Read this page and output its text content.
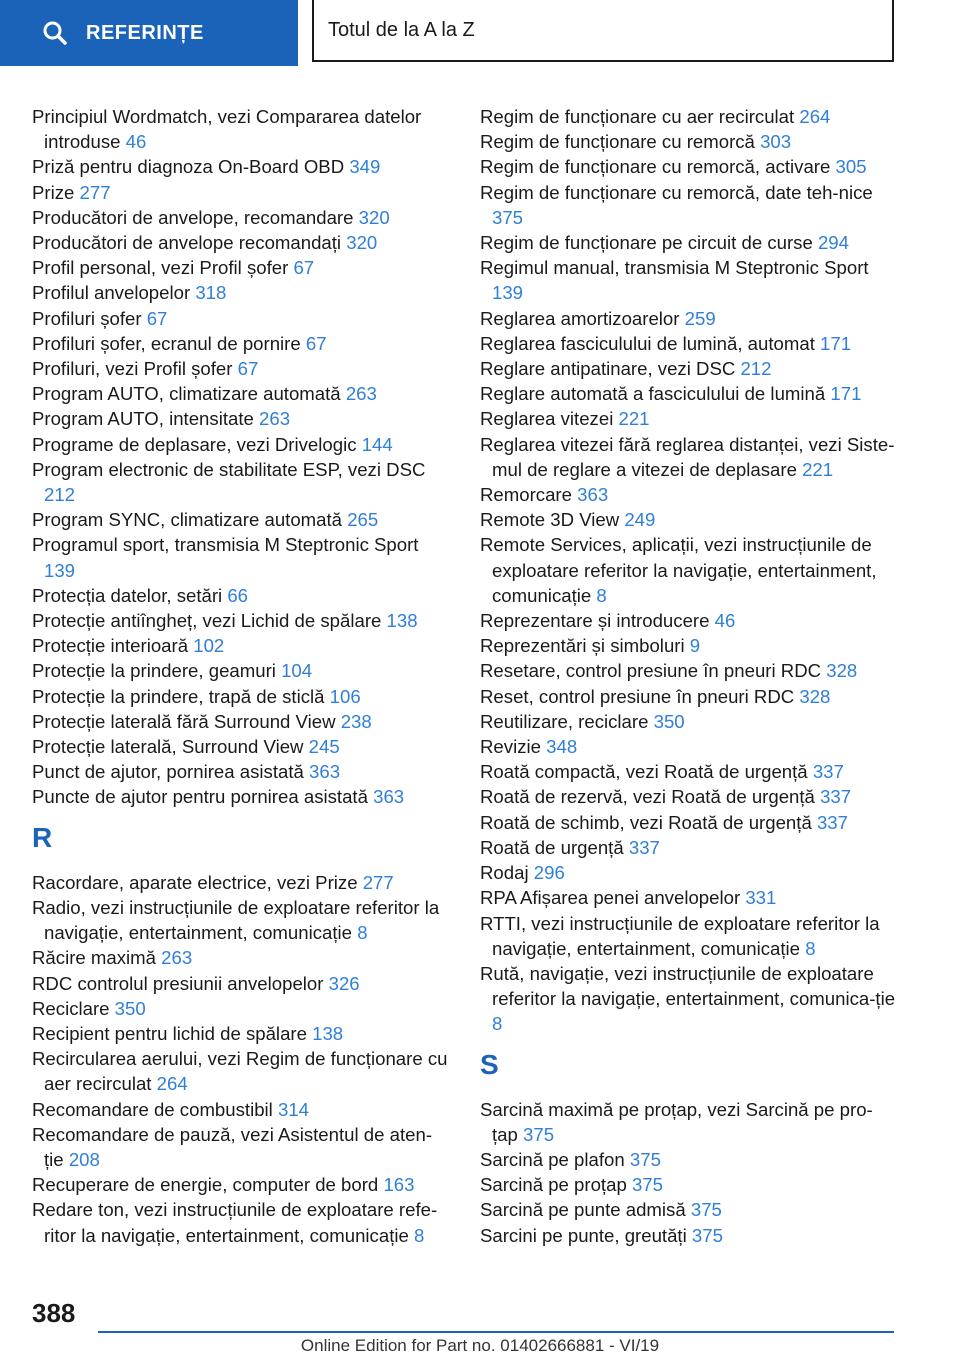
REFERINȚE	Totul de la A la Z

Principiul Wordmatch, vezi Compararea datelor introduse 46

Priză pentru diagnoza On-Board OBD 349

Prize 277

Producători de anvelope, recomandare 320

Producători de anvelope recomandați 320

Profil personal, vezi Profil șofer 67

Profilul anvelopelor 318

Profiluri șofer 67

Profiluri șofer, ecranul de pornire 67

Profiluri, vezi Profil șofer 67

Program AUTO, climatizare automată 263

Program AUTO, intensitate 263

Programe de deplasare, vezi Drivelogic 144

Program electronic de stabilitate ESP, vezi DSC 212

Program SYNC, climatizare automată 265

Programul sport, transmisia M Steptronic Sport 139

Protecția datelor, setări 66

Protecție antiîngheț, vezi Lichid de spălare 138

Protecție interioară 102

Protecție la prindere, geamuri 104

Protecție la prindere, trapă de sticlă 106

Protecție laterală fără Surround View 238

Protecție laterală, Surround View 245

Punct de ajutor, pornirea asistată 363

Puncte de ajutor pentru pornirea asistată 363

R

Racordare, aparate electrice, vezi Prize 277

Radio, vezi instrucțiunile de exploatare referitor la navigație, entertainment, comunicație 8

Răcire maximă 263

RDC controlul presiunii anvelopelor 326

Reciclare 350

Recipient pentru lichid de spălare 138

Recircularea aerului, vezi Regim de funcționare cu aer recirculat 264

Recomandare de combustibil 314

Recomandare de pauză, vezi Asistentul de aten-ție 208

Recuperare de energie, computer de bord 163

Redare ton, vezi instrucțiunile de exploatare refe-ritor la navigație, entertainment, comunicație 8

Regim de funcționare cu aer recirculat 264

Regim de funcționare cu remorcă 303

Regim de funcționare cu remorcă, activare 305

Regim de funcționare cu remorcă, date teh-nice 375

Regim de funcționare pe circuit de curse 294

Regimul manual, transmisia M Steptronic Sport 139

Reglarea amortizoarelor 259

Reglarea fasciculului de lumină, automat 171

Reglare antipatinare, vezi DSC 212

Reglare automată a fasciculului de lumină 171

Reglarea vitezei 221

Reglarea vitezei fără reglarea distanței, vezi Siste-mul de reglare a vitezei de deplasare 221

Remorcare 363

Remote 3D View 249

Remote Services, aplicații, vezi instrucțiunile de exploatare referitor la navigație, entertainment, comunicație 8

Reprezentare și introducere 46

Reprezentări și simboluri 9

Resetare, control presiune în pneuri RDC 328

Reset, control presiune în pneuri RDC 328

Reutilizare, reciclare 350

Revizie 348

Roată compactă, vezi Roată de urgență 337

Roată de rezervă, vezi Roată de urgență 337

Roată de schimb, vezi Roată de urgență 337

Roată de urgență 337

Rodaj 296

RPA Afișarea penei anvelopelor 331

RTTI, vezi instrucțiunile de exploatare referitor la navigație, entertainment, comunicație 8

Rută, navigație, vezi instrucțiunile de exploatare referitor la navigație, entertainment, comunica-ție 8

S

Sarcină maximă pe proțap, vezi Sarcină pe pro-țap 375

Sarcină pe plafon 375

Sarcină pe proțap 375

Sarcină pe punte admisă 375

Sarcini pe punte, greutăți 375

388
Online Edition for Part no. 01402666881 - VI/19
